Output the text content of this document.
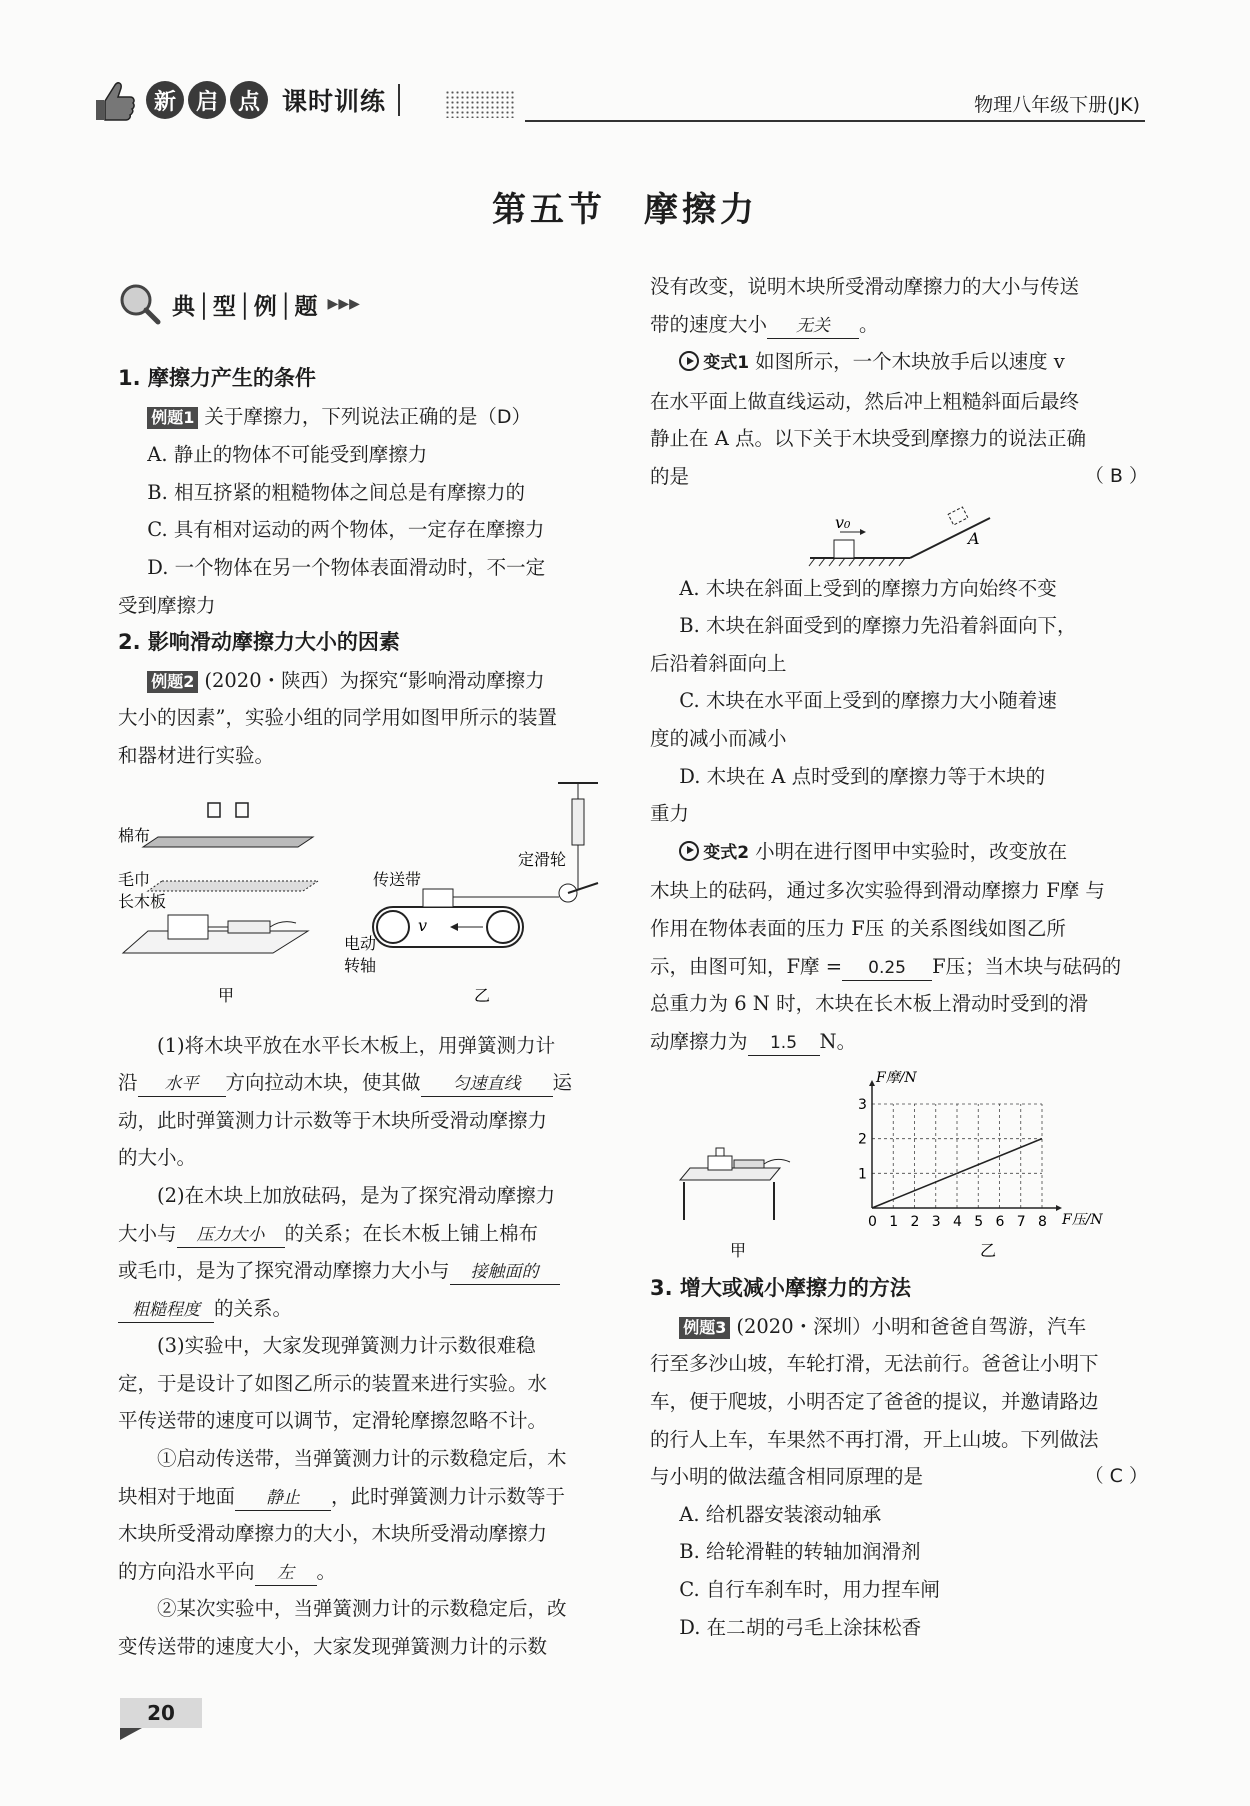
新 启 点 课时训练	物理八年级下册(JK)
第五节　摩擦力
典│型│例│题 ▶▶▶

1. 摩擦力产生的条件

例题1 关于摩擦力，下列说法正确的是（D）

A. 静止的物体不可能受到摩擦力

B. 相互挤紧的粗糙物体之间总是有摩擦力的

C. 具有相对运动的两个物体，一定存在摩擦力

D. 一个物体在另一个物体表面滑动时，不一定

受到摩擦力

2. 影响滑动摩擦力大小的因素

例题2 (2020・陕西）为探究“影响滑动摩擦力

大小的因素”，实验小组的同学用如图甲所示的装置

和器材进行实验。

棉布
毛巾
长木板
甲
v
传送带
定滑轮
电动
转轴
乙

(1)将木块平放在水平长木板上，用弹簧测力计

沿 水平 方向拉动木块，使其做 匀速直线 运

动，此时弹簧测力计示数等于木块所受滑动摩擦力

的大小。

(2)在木块上加放砝码，是为了探究滑动摩擦力

大小与 压力大小 的关系；在长木板上铺上棉布

或毛巾，是为了探究滑动摩擦力大小与 接触面的

粗糙程度 的关系。

(3)实验中，大家发现弹簧测力计示数很难稳

定，于是设计了如图乙所示的装置来进行实验。水

平传送带的速度可以调节，定滑轮摩擦忽略不计。

①启动传送带，当弹簧测力计的示数稳定后，木

块相对于地面 静止 ，此时弹簧测力计示数等于

木块所受滑动摩擦力的大小，木块所受滑动摩擦力

的方向沿水平向 左 。

②某次实验中，当弹簧测力计的示数稳定后，改

变传送带的速度大小，大家发现弹簧测力计的示数

没有改变，说明木块所受滑动摩擦力的大小与传送

带的速度大小 无关 。

变式1 如图所示，一个木块放手后以速度 v

在水平面上做直线运动，然后冲上粗糙斜面后最终

静止在 A 点。以下关于木块受到摩擦力的说法正确

的是	（ B ）

v₀
A

A. 木块在斜面上受到的摩擦力方向始终不变

B. 木块在斜面受到的摩擦力先沿着斜面向下，

后沿着斜面向上

C. 木块在水平面上受到的摩擦力大小随着速

度的减小而减小

D. 木块在 A 点时受到的摩擦力等于木块的

重力

变式2 小明在进行图甲中实验时，改变放在

木块上的砝码，通过多次实验得到滑动摩擦力 F摩 与

作用在物体表面的压力 F压 的关系图线如图乙所

示，由图可知，F摩 = 0.25 F压；当木块与砝码的

总重力为 6 N 时，木块在长木板上滑动时受到的滑

动摩擦力为 1.5 N。

甲	乙
0 1 2 3 4 5 6 7 8
1
2
3
F压/N
F摩/N

3. 增大或减小摩擦力的方法

例题3 (2020・深圳）小明和爸爸自驾游，汽车

行至多沙山坡，车轮打滑，无法前行。爸爸让小明下

车，便于爬坡，小明否定了爸爸的提议，并邀请路边

的行人上车，车果然不再打滑，开上山坡。下列做法

与小明的做法蕴含相同原理的是	（ C ）

A. 给机器安装滚动轴承

B. 给轮滑鞋的转轴加润滑剂

C. 自行车刹车时，用力捏车闸

D. 在二胡的弓毛上涂抹松香

20
